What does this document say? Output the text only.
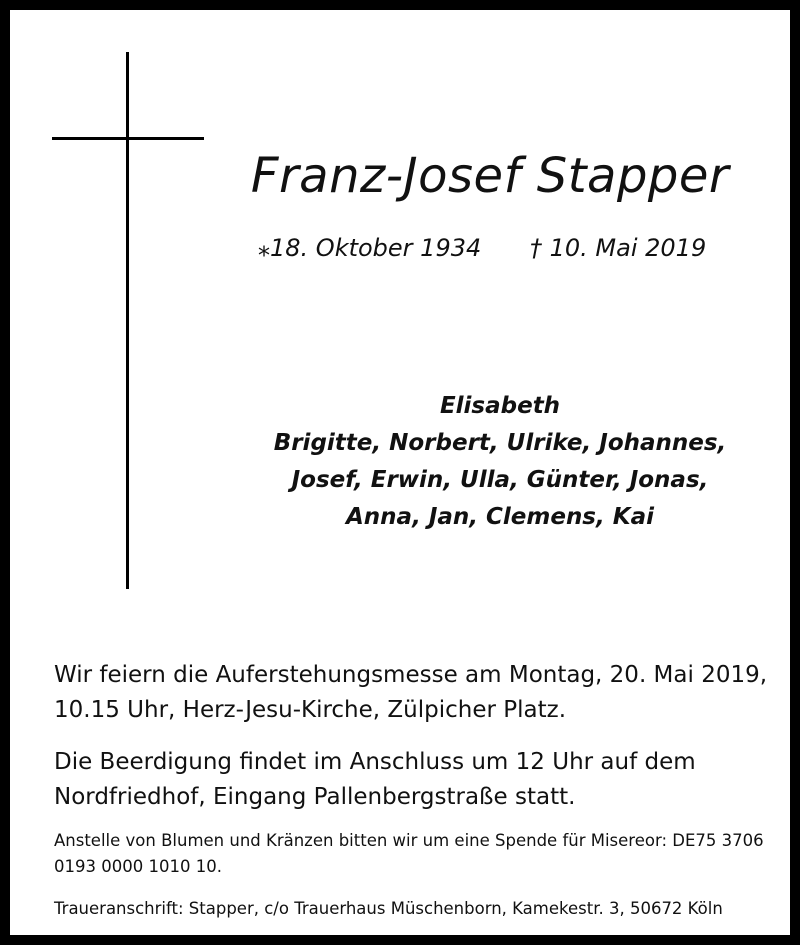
Franz-Josef Stapper
⁎18. Oktober 1934 † 10. Mai 2019
Elisabeth
Brigitte, Norbert, Ulrike, Johannes,
Josef, Erwin, Ulla, Günter, Jonas,
Anna, Jan, Clemens, Kai
Wir feiern die Auferstehungsmesse am Montag, 20. Mai 2019, 10.15 Uhr, Herz-Jesu-Kirche, Zülpicher Platz.
Die Beerdigung findet im Anschluss um 12 Uhr auf dem Nordfriedhof, Eingang Pallenbergstraße statt.
Anstelle von Blumen und Kränzen bitten wir um eine Spende für Misereor: DE75 3706 0193 0000 1010 10.
Traueranschrift: Stapper, c/o Trauerhaus Müschenborn, Kamekestr. 3, 50672 Köln
